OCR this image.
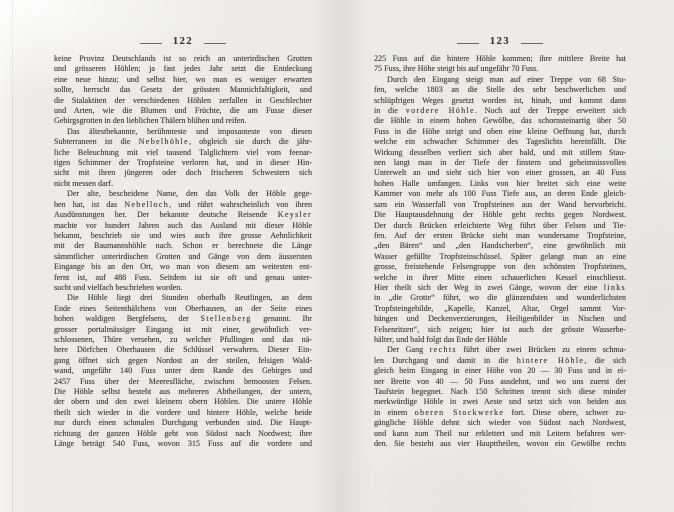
122
keine Provinz Deutschlands ist so reich an unterirdischen Grotten
und grösseren Höhlen; ja fast jedes Jahr setzt die Entdeckung
eine neue hinzu; und selbst hier, wo man es weniger erwarten
sollte, herrscht das Gesetz der grössten Mannichfaltigkeit, und
die Stalaktiten der verschiedenen Höhlen zerfallen in Geschlechter
und Arten, wie die Blumen und Früchte, die am Fusse dieser
Gebirgsgrotten in den lieblichen Thälern blühen und reifen.
Das ältestbekannte, berühmteste und imposanteste von diesen
Subterraneen ist die Nebelhöhle, obgleich sie durch die jähr-
liche Beleuchtung mit viel tausend Talglichtern viel vom feenar-
tigen Schimmer der Tropfsteine verloren hat, und in dieser Hin-
sicht mit ihren jüngeren oder doch frischeren Schwestern sich
nicht messen darf.
Der alte, bescheidene Name, den das Volk der Höhle gege-
ben hat, ist das Nebelloch, und rührt wahrscheinlich von ihren
Ausdünstungen her. Der bekannte deutsche Reisende Keysler
machte vor hundert Jahren auch das Ausland mit dieser Höhle
bekannt, beschrieb sie und wies auch ihre grosse Aehnlichkeit
mit der Baumannshöhle nach. Schon er berechnete die Länge
sämmtlicher unterirdischen Grotten und Gänge von dem äussersten
Eingange bis an den Ort, wo man von diesem am weitesten ent-
fernt ist, auf 488 Fuss. Seitdem ist sie oft und genau unter-
sucht und vielfach beschrieben worden.
Die Höhle liegt drei Stunden oberhalb Reutlingen, an dem
Ende eines Seitenthälchens von Oberhausen, an der Seite eines
hohen waldigen Bergfelsens, der Stellenberg genannt. Ihr
grosser portalmässiger Eingang ist mit einer, gewöhnlich ver-
schlossenen, Thüre versehen, zu welcher Pfullingen und das nä-
here Dörfchen Oberhausen die Schlüssel verwahren. Dieser Ein-
gang öffnet sich gegen Nordost an der steilen, felsigen Wald-
wand, ungefähr 140 Fuss unter dem Rande des Gebirges und
2457 Fuss über der Meeresfläche, zwischen bemoosten Felsen.
Die Höhle selbst besteht aus mehreren Abtheilungen, der untern,
der obern und den zwei kleinern obern Höhlen. Die untere Höhle
theilt sich wieder in die vordere und hintere Höhle, welche beide
nur durch einen schmalen Durchgang verbunden sind. Die Haupt-
richtung der ganzen Höhle geht von Südost nach Nordwest; ihre
Länge beträgt 540 Fuss, wovon 315 Fuss auf die vordere und
123
225 Fuss auf die hintere Höhle kommen; ihre mittlere Breite hat
75 Fuss, ihre Höhe steigt bis auf ungefähr 70 Fuss.
Durch den Eingang steigt man auf einer Treppe von 68 Stu-
fen, welche 1803 an die Stelle des sehr beschwerlichen und
schlüpfrigen Weges gesetzt worden ist, hinab, und kommt dann
in die vordere Höhle. Noch auf der Treppe erweitert sich
die Höhle in einem hohen Gewölbe, das schornsteinartig über 50
Fuss in die Höhe steigt und oben eine kleine Oeffnung hat, durch
welche ein schwacher Schimmer des Tageslichts hereinfällt. Die
Wirkung desselben verliert sich aber bald, und mit stillem Stau-
nen langt man in der Tiefe der finstern und geheimnissvollen
Unterwelt an und sieht sich hier von einer grossen, an 40 Fuss
hohen Halle umfangen. Links von hier breitet sich eine weite
Kammer von mehr als 100 Fuss Tiefe aus, an deren Ende gleich-
sam ein Wasserfall von Tropfsteinen aus der Wand hervorbricht.
Die Hauptausdehnung der Höhle geht rechts gegen Nordwest.
Der durch Brücken erleichterte Weg führt über Felsen und Tie-
fen. Auf der ersten Brücke sieht man wundersame Tropfsteine,
„den Bären“ und „den Handscherben“, eine gewöhnlich mit
Wasser gefüllte Tropfsteinschüssel. Später gelangt man an eine
grosse, freistehende Felsengruppe von den schönsten Tropfsteinen,
welche in ihrer Mitte einen schauerlichen Kessel einschliesst.
Hier theilt sich der Weg in zwei Gänge, wovon der eine links
in „die Grotte“ führt, wo die glänzendsten und wunderlichsten
Tropfsteingebilde, „Kapelle, Kanzel, Altar, Orgel sammt Vor-
hängen und Deckenverzierungen, Heiligenbilder in Nischen und
Felsenritzen“, sich zeigen; hier ist auch der grösste Wasserbe-
hälter, und bald folgt das Ende der Höhle
Der Gang rechts führt über zwei Brücken zu einem schma-
len Durchgang und damit in die hintere Höhle, die sich
gleich beim Eingang in einer Höhe von 20 — 30 Fuss und in ei-
ner Breite von 40 — 50 Fuss ausdehnt, und wo uns zuerst der
Taufstein begegnet. Nach 150 Schritten trennt sich diese minder
merkwürdige Höhle in zwei Aeste und setzt sich von beiden aus
in einem oberen Stockwerke fort. Diese obere, schwer zu-
gängliche Höhle dehnt sich wieder von Südost nach Nordwest,
und kann zum Theil nur erklettert und mit Leitern befahren wer-
den. Sie besteht aus vier Haupttheilen, wovon ein Gewölbe rechts
